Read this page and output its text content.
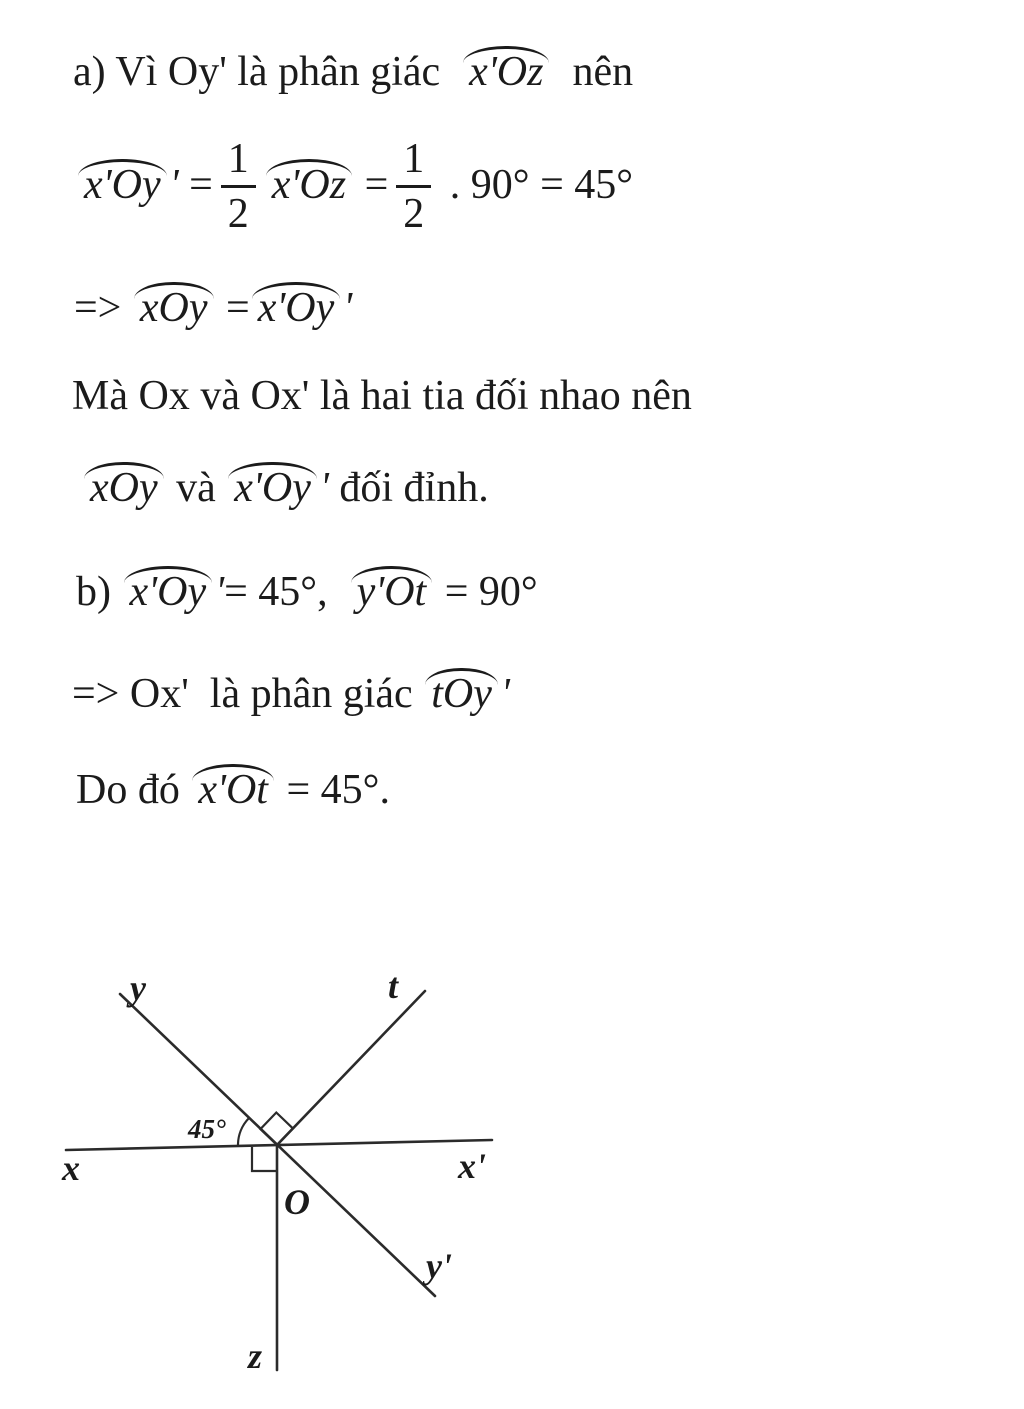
a) Vì Oy' là phân giác  x'Oz  nên
x'Oy ' = $\frac{1}{2} x'Oz = \frac{1}{2}$ . 90° = 45°
=> xOy = x'Oy '
Mà Ox và Ox' là hai tia đối nhao nên
xOy và x'Oy ' đối đỉnh.
b) x'Oy '= 45°,  y'Ot = 90°
=> Ox'  là phân giác tOy '
Do đó x'Ot = 45°.
y	t
x	x'
O
y'
z
45°
